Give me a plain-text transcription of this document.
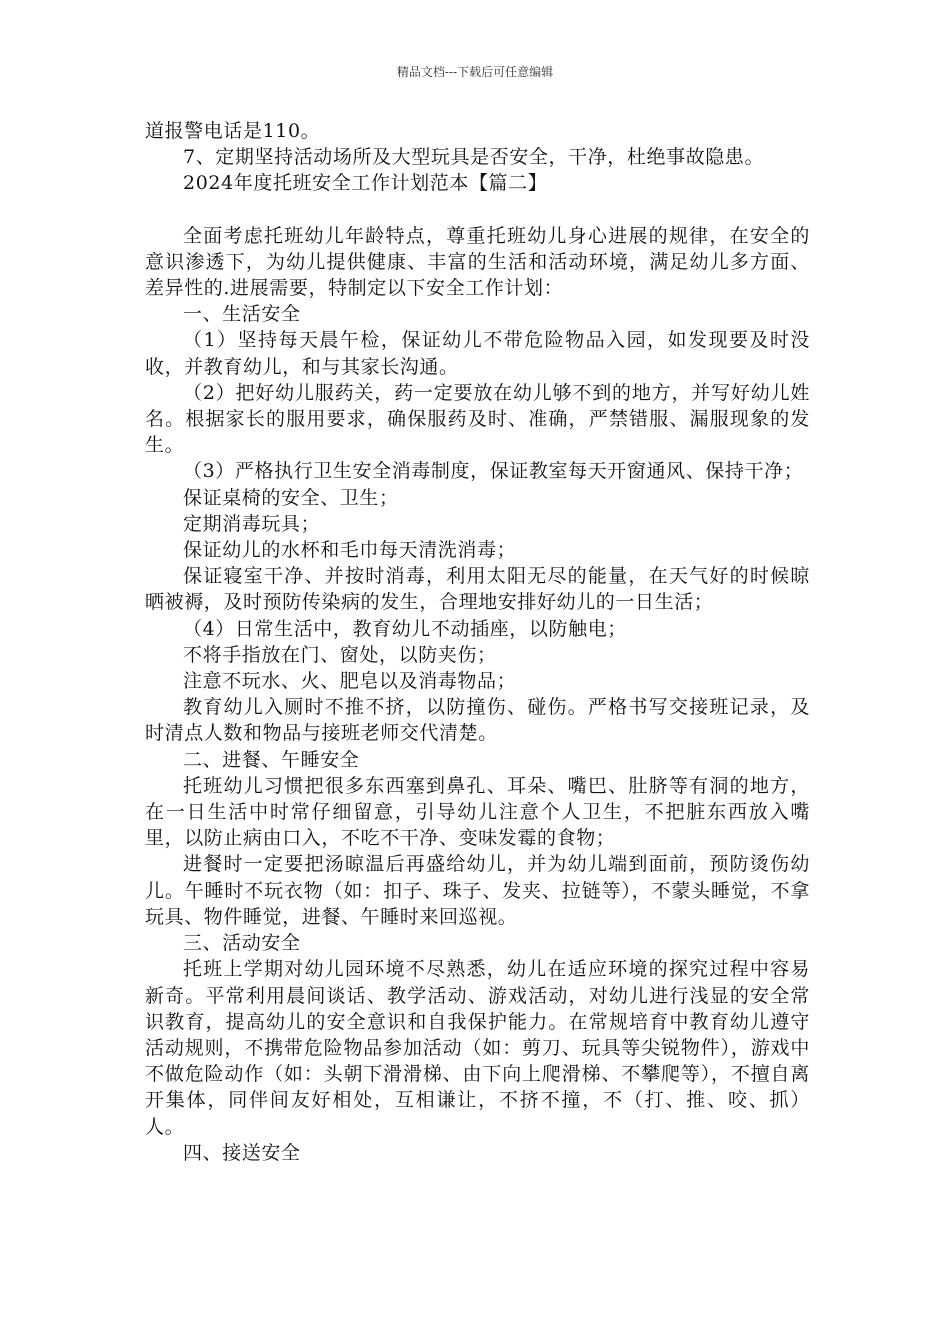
精品文档---下载后可任意编辑

道报警电话是110。

7、定期坚持活动场所及大型玩具是否安全，干净，杜绝事故隐患。

2024年度托班安全工作计划范本【篇二】

全面考虑托班幼儿年龄特点，尊重托班幼儿身心进展的规律，在安全的意识渗透下，为幼儿提供健康、丰富的生活和活动环境，满足幼儿多方面、差异性的.进展需要，特制定以下安全工作计划：

一、生活安全

（1）坚持每天晨午检，保证幼儿不带危险物品入园，如发现要及时没收，并教育幼儿，和与其家长沟通。

（2）把好幼儿服药关，药一定要放在幼儿够不到的地方，并写好幼儿姓名。根据家长的服用要求，确保服药及时、准确，严禁错服、漏服现象的发生。

（3）严格执行卫生安全消毒制度，保证教室每天开窗通风、保持干净；

保证桌椅的安全、卫生；

定期消毒玩具；

保证幼儿的水杯和毛巾每天清洗消毒；

保证寝室干净、并按时消毒，利用太阳无尽的能量，在天气好的时候晾晒被褥，及时预防传染病的发生，合理地安排好幼儿的一日生活；

（4）日常生活中，教育幼儿不动插座，以防触电；

不将手指放在门、窗处，以防夹伤；

注意不玩水、火、肥皂以及消毒物品；

教育幼儿入厕时不推不挤，以防撞伤、碰伤。严格书写交接班记录，及时清点人数和物品与接班老师交代清楚。

二、进餐、午睡安全

托班幼儿习惯把很多东西塞到鼻孔、耳朵、嘴巴、肚脐等有洞的地方，在一日生活中时常仔细留意，引导幼儿注意个人卫生，不把脏东西放入嘴里，以防止病由口入，不吃不干净、变味发霉的食物；

进餐时一定要把汤晾温后再盛给幼儿，并为幼儿端到面前，预防烫伤幼儿。午睡时不玩衣物（如：扣子、珠子、发夹、拉链等），不蒙头睡觉，不拿玩具、物件睡觉，进餐、午睡时来回巡视。

三、活动安全

托班上学期对幼儿园环境不尽熟悉，幼儿在适应环境的探究过程中容易新奇。平常利用晨间谈话、教学活动、游戏活动，对幼儿进行浅显的安全常识教育，提高幼儿的安全意识和自我保护能力。在常规培育中教育幼儿遵守活动规则，不携带危险物品参加活动（如：剪刀、玩具等尖锐物件），游戏中不做危险动作（如：头朝下滑滑梯、由下向上爬滑梯、不攀爬等），不擅自离开集体，同伴间友好相处，互相谦让，不挤不撞，不（打、推、咬、抓）人。

四、接送安全
